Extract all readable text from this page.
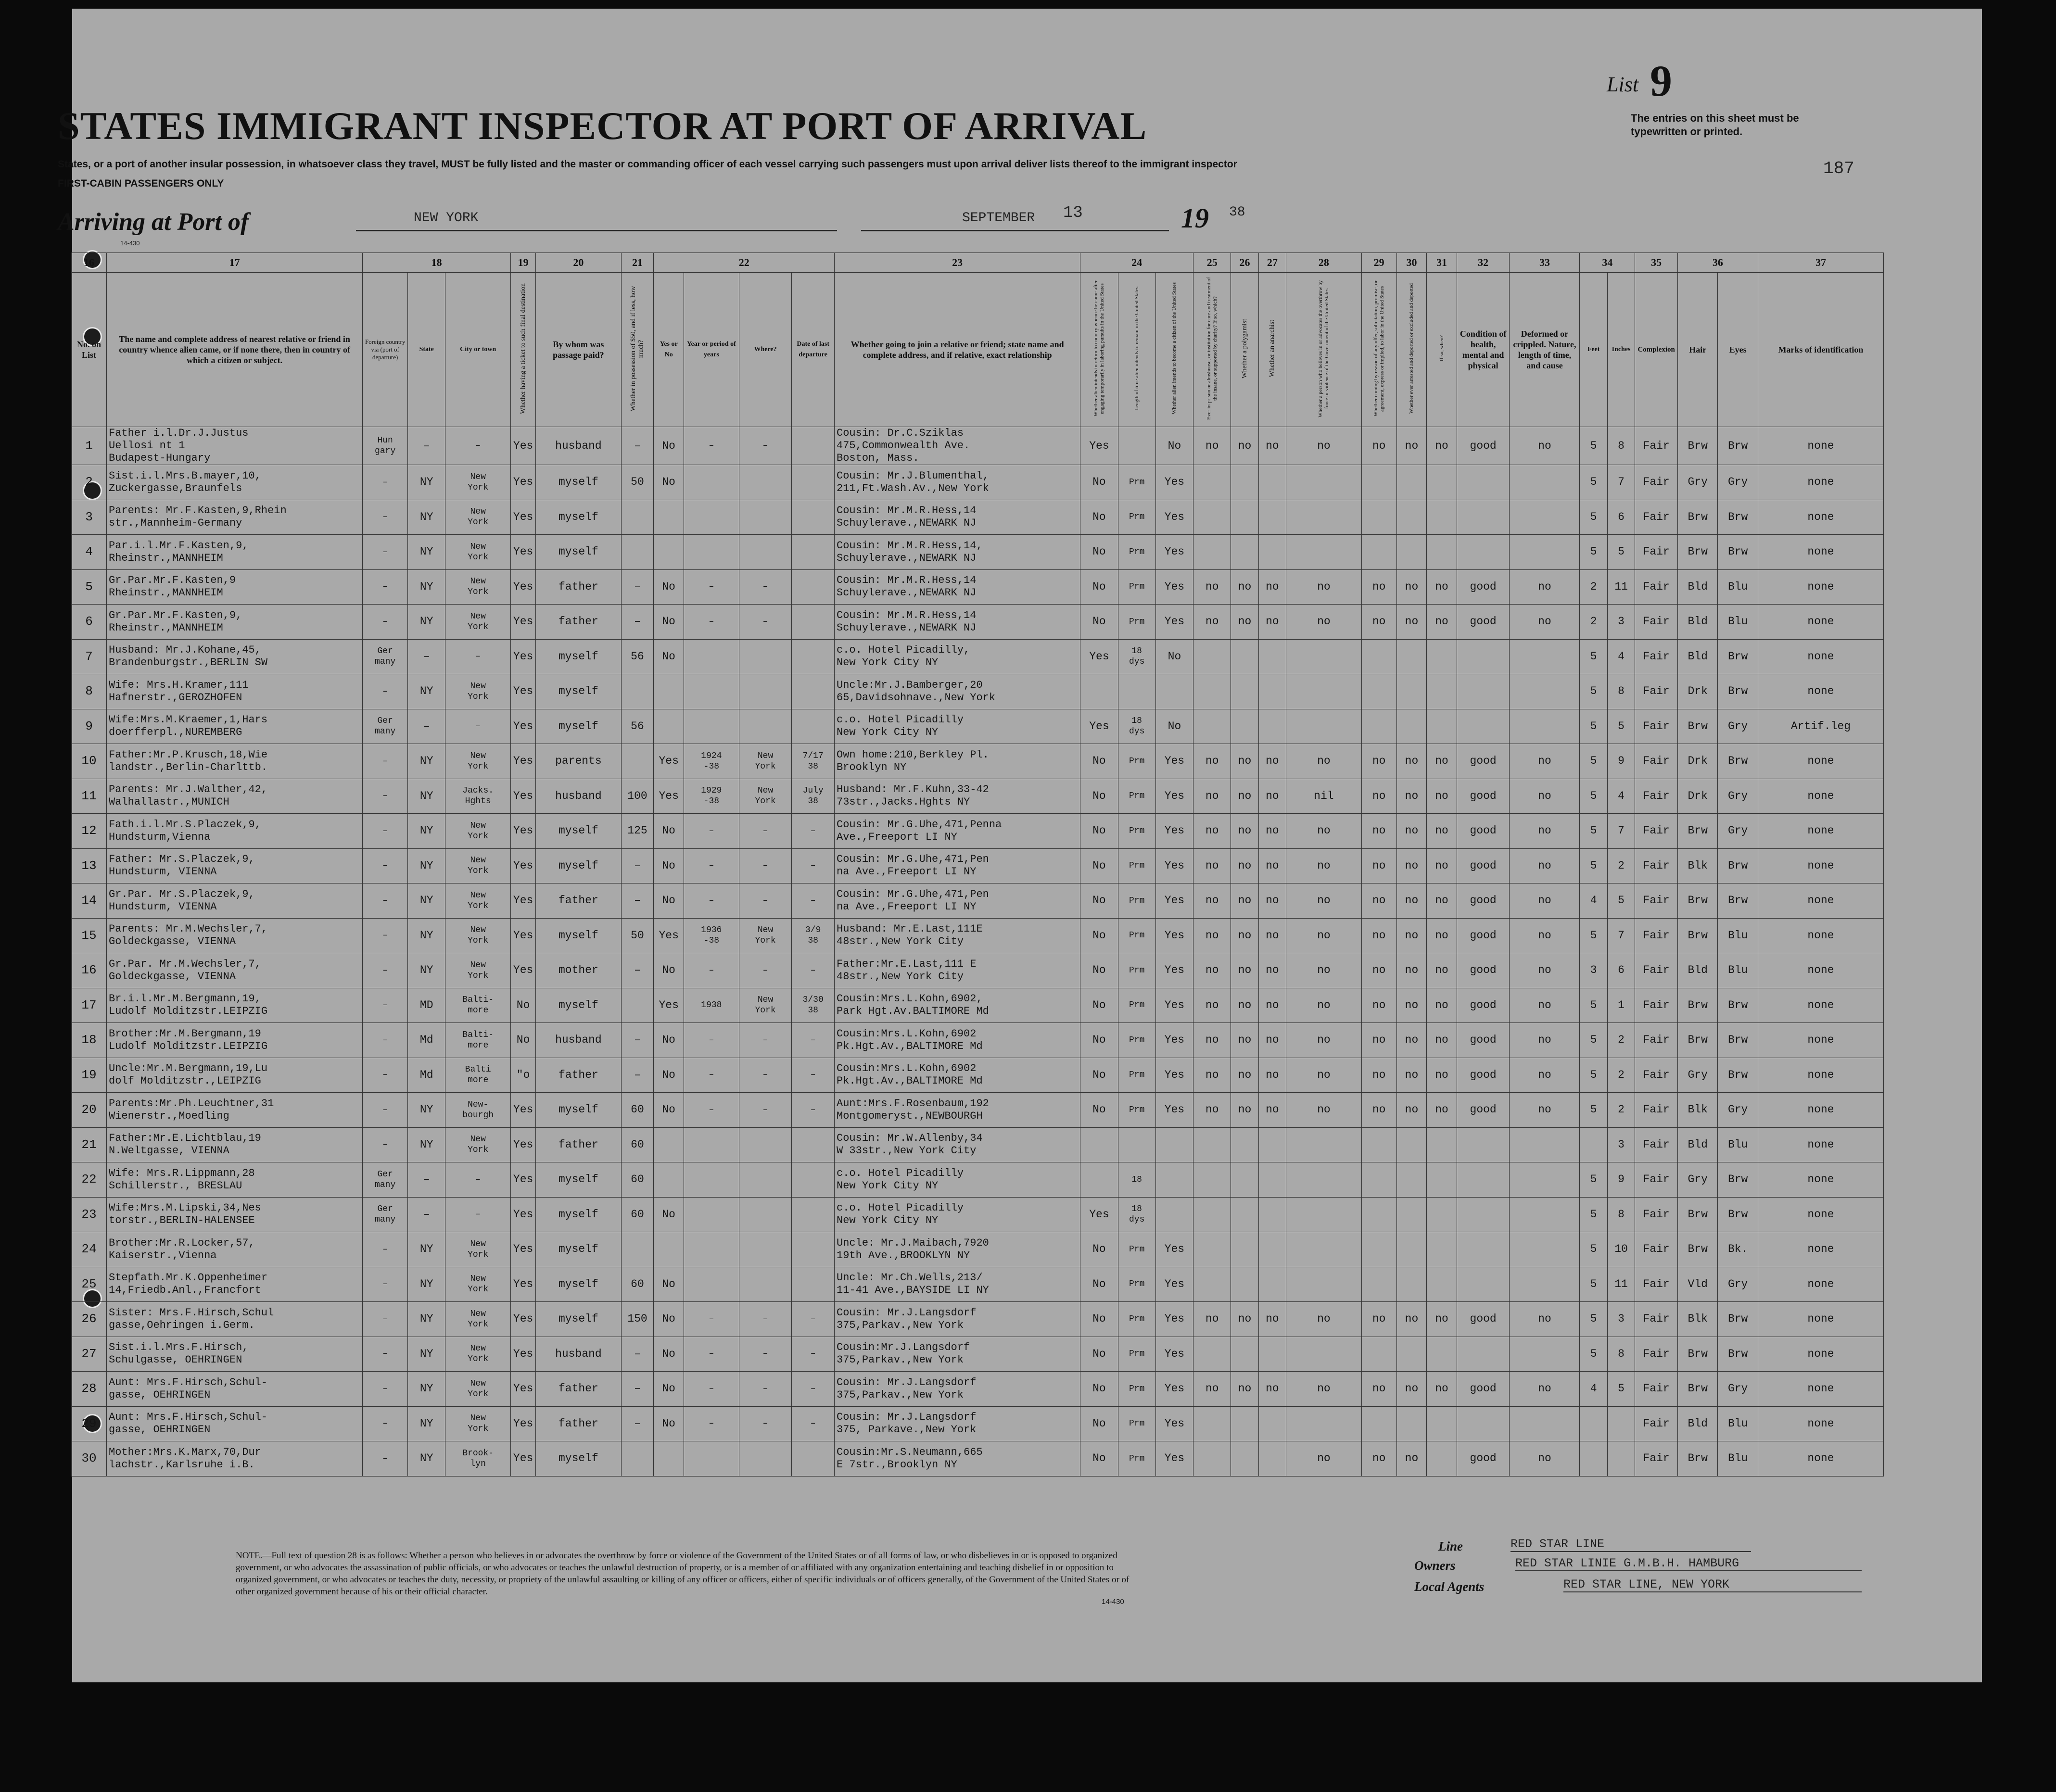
List 9
STATES IMMIGRANT INSPECTOR AT PORT OF ARRIVAL	The entries on this sheet must be typewritten or printed.
187
States, or a port of another insular possession, in whatsoever class they travel, MUST be fully listed and the master or commanding officer of each vessel carrying such passengers must upon arrival deliver lists thereof to the immigrant inspector
FIRST-CABIN PASSENGERS ONLY
Arriving at Port of	NEW YORK	SEPTEMBER 13	19 38
14-430
16	17	18			19	20	21	22				23	24			25	26	27	28	29	30	31	32	33	34		35	36		37
No. on List	The name and complete address of nearest relative or friend in country whence alien came, or if none there, then in country of which a citizen or subject.	Foreign country via (port of departure)	State	City or town	Whether having a ticket to such final destination	By whom was passage paid?	Whether in possession of $50, and if less, how much?	Yes or No	Year or period of years	Where?	Date of last departure	Whether going to join a relative or friend; state name and complete address, and if relative, exact relationship	Whether alien intends to return to country whence he came after engaging temporarily in laboring pursuits in the United States	Length of time alien intends to remain in the United States	Whether alien intends to become a citizen of the United States	Ever in prison or almshouse, or institution for care and treatment of the insane, or supported by charity? If so, which?	Whether a polygamist	Whether an anarchist	Whether a person who believes in or advocates the overthrow by force or violence of the Government of the United States	Whether coming by reason of any offer, solicitation, promise, or agreement, express or implied, to labor in the United States	Whether ever arrested and deported or excluded and deported	If so, when?	Condition of health, mental and physical	Deformed or crippled. Nature, length of time, and cause	Feet	Inches	Complexion	Hair	Eyes	Marks of identification
1	Father i.l.Dr.J.Justus
Uellosi nt 1
Budapest-Hungary	Hun
gary	–	–	Yes	husband	–	No	–	–		Cousin: Dr.C.Sziklas
475,Commonwealth Ave.
Boston, Mass.	Yes		No	no	no	no	no	no	no	no	good	no	5	8	Fair	Brw	Brw	none
2	Sist.i.l.Mrs.B.mayer,10,
Zuckergasse,Braunfels	–	NY	New
York	Yes	myself	50	No				Cousin: Mr.J.Blumenthal,
211,Ft.Wash.Av.,New York	No	Prm	Yes										5	7	Fair	Gry	Gry	none
3	Parents: Mr.F.Kasten,9,Rhein
str.,Mannheim-Germany	–	NY	New
York	Yes	myself						Cousin: Mr.M.R.Hess,14
Schuylerave.,NEWARK NJ	No	Prm	Yes										5	6	Fair	Brw	Brw	none
4	Par.i.l.Mr.F.Kasten,9,
Rheinstr.,MANNHEIM	–	NY	New
York	Yes	myself						Cousin: Mr.M.R.Hess,14,
Schuylerave.,NEWARK NJ	No	Prm	Yes										5	5	Fair	Brw	Brw	none
5	Gr.Par.Mr.F.Kasten,9
Rheinstr.,MANNHEIM	–	NY	New
York	Yes	father	–	No	–	–		Cousin: Mr.M.R.Hess,14
Schuylerave.,NEWARK NJ	No	Prm	Yes	no	no	no	no	no	no	no	good	no	2	11	Fair	Bld	Blu	none
6	Gr.Par.Mr.F.Kasten,9,
Rheinstr.,MANNHEIM	–	NY	New
York	Yes	father	–	No	–	–		Cousin: Mr.M.R.Hess,14
Schuylerave.,NEWARK NJ	No	Prm	Yes	no	no	no	no	no	no	no	good	no	2	3	Fair	Bld	Blu	none
7	Husband: Mr.J.Kohane,45,
Brandenburgstr.,BERLIN SW	Ger
many	–	–	Yes	myself	56	No				c.o. Hotel Picadilly,
New York City NY	Yes	18
dys	No										5	4	Fair	Bld	Brw	none
8	Wife: Mrs.H.Kramer,111
Hafnerstr.,GEROZHOFEN	–	NY	New
York	Yes	myself						Uncle:Mr.J.Bamberger,20
65,Davidsohnave.,New York													5	8	Fair	Drk	Brw	none
9	Wife:Mrs.M.Kraemer,1,Hars
doerfferpl.,NUREMBERG	Ger
many	–	–	Yes	myself	56					c.o. Hotel Picadilly
New York City NY	Yes	18
dys	No										5	5	Fair	Brw	Gry	Artif.leg
10	Father:Mr.P.Krusch,18,Wie
landstr.,Berlin-Charlttb.	–	NY	New
York	Yes	parents		Yes	1924
-38	New
York	7/17
38	Own home:210,Berkley Pl.
Brooklyn NY	No	Prm	Yes	no	no	no	no	no	no	no	good	no	5	9	Fair	Drk	Brw	none
11	Parents: Mr.J.Walther,42,
Walhallastr.,MUNICH	–	NY	Jacks.
Hghts	Yes	husband	100	Yes	1929
-38	New
York	July
38	Husband: Mr.F.Kuhn,33-42
73str.,Jacks.Hghts NY	No	Prm	Yes	no	no	no	nil	no	no	no	good	no	5	4	Fair	Drk	Gry	none
12	Fath.i.l.Mr.S.Placzek,9,
Hundsturm,Vienna	–	NY	New
York	Yes	myself	125	No	–	–	–	Cousin: Mr.G.Uhe,471,Penna
Ave.,Freeport LI NY	No	Prm	Yes	no	no	no	no	no	no	no	good	no	5	7	Fair	Brw	Gry	none
13	Father: Mr.S.Placzek,9,
Hundsturm, VIENNA	–	NY	New
York	Yes	myself	–	No	–	–	–	Cousin: Mr.G.Uhe,471,Pen
na Ave.,Freeport LI NY	No	Prm	Yes	no	no	no	no	no	no	no	good	no	5	2	Fair	Blk	Brw	none
14	Gr.Par. Mr.S.Placzek,9,
Hundsturm, VIENNA	–	NY	New
York	Yes	father	–	No	–	–	–	Cousin: Mr.G.Uhe,471,Pen
na Ave.,Freeport LI NY	No	Prm	Yes	no	no	no	no	no	no	no	good	no	4	5	Fair	Brw	Brw	none
15	Parents: Mr.M.Wechsler,7,
Goldeckgasse, VIENNA	–	NY	New
York	Yes	myself	50	Yes	1936
-38	New
York	3/9
38	Husband: Mr.E.Last,111E
48str.,New York City	No	Prm	Yes	no	no	no	no	no	no	no	good	no	5	7	Fair	Brw	Blu	none
16	Gr.Par. Mr.M.Wechsler,7,
Goldeckgasse, VIENNA	–	NY	New
York	Yes	mother	–	No	–	–	–	Father:Mr.E.Last,111 E
48str.,New York City	No	Prm	Yes	no	no	no	no	no	no	no	good	no	3	6	Fair	Bld	Blu	none
17	Br.i.l.Mr.M.Bergmann,19,
Ludolf Molditzstr.LEIPZIG	–	MD	Balti-
more	No	myself		Yes	1938	New
York	3/30
38	Cousin:Mrs.L.Kohn,6902,
Park Hgt.Av.BALTIMORE Md	No	Prm	Yes	no	no	no	no	no	no	no	good	no	5	1	Fair	Brw	Brw	none
18	Brother:Mr.M.Bergmann,19
Ludolf Molditzstr.LEIPZIG	–	Md	Balti-
more	No	husband	–	No	–	–	–	Cousin:Mrs.L.Kohn,6902
Pk.Hgt.Av.,BALTIMORE Md	No	Prm	Yes	no	no	no	no	no	no	no	good	no	5	2	Fair	Brw	Brw	none
19	Uncle:Mr.M.Bergmann,19,Lu
dolf Molditzstr.,LEIPZIG	–	Md	Balti
more	"o	father	–	No	–	–	–	Cousin:Mrs.L.Kohn,6902
Pk.Hgt.Av.,BALTIMORE Md	No	Prm	Yes	no	no	no	no	no	no	no	good	no	5	2	Fair	Gry	Brw	none
20	Parents:Mr.Ph.Leuchtner,31
Wienerstr.,Moedling	–	NY	New-
bourgh	Yes	myself	60	No	–	–	–	Aunt:Mrs.F.Rosenbaum,192
Montgomeryst.,NEWBOURGH	No	Prm	Yes	no	no	no	no	no	no	no	good	no	5	2	Fair	Blk	Gry	none
21	Father:Mr.E.Lichtblau,19
N.Weltgasse, VIENNA	–	NY	New
York	Yes	father	60					Cousin: Mr.W.Allenby,34
W 33str.,New York City														3	Fair	Bld	Blu	none
22	Wife: Mrs.R.Lippmann,28
Schillerstr., BRESLAU	Ger
many	–	–	Yes	myself	60					c.o. Hotel Picadilly
New York City NY		18											5	9	Fair	Gry	Brw	none
23	Wife:Mrs.M.Lipski,34,Nes
torstr.,BERLIN-HALENSEE	Ger
many	–	–	Yes	myself	60	No				c.o. Hotel Picadilly
New York City NY	Yes	18
dys											5	8	Fair	Brw	Brw	none
24	Brother:Mr.R.Locker,57,
Kaiserstr.,Vienna	–	NY	New
York	Yes	myself						Uncle: Mr.J.Maibach,7920
19th Ave.,BROOKLYN NY	No	Prm	Yes										5	10	Fair	Brw	Bk.	none
25	Stepfath.Mr.K.Oppenheimer
14,Friedb.Anl.,Francfort	–	NY	New
York	Yes	myself	60	No				Uncle: Mr.Ch.Wells,213/
11-41 Ave.,BAYSIDE LI NY	No	Prm	Yes										5	11	Fair	Vld	Gry	none
26	Sister: Mrs.F.Hirsch,Schul
gasse,Oehringen i.Germ.	–	NY	New
York	Yes	myself	150	No	–	–	–	Cousin: Mr.J.Langsdorf
375,Parkav.,New York	No	Prm	Yes	no	no	no	no	no	no	no	good	no	5	3	Fair	Blk	Brw	none
27	Sist.i.l.Mrs.F.Hirsch,
Schulgasse, OEHRINGEN	–	NY	New
York	Yes	husband	–	No	–	–	–	Cousin:Mr.J.Langsdorf
375,Parkav.,New York	No	Prm	Yes										5	8	Fair	Brw	Brw	none
28	Aunt: Mrs.F.Hirsch,Schul-
gasse, OEHRINGEN	–	NY	New
York	Yes	father	–	No	–	–	–	Cousin: Mr.J.Langsdorf
375,Parkav.,New York	No	Prm	Yes	no	no	no	no	no	no	no	good	no	4	5	Fair	Brw	Gry	none
29	Aunt: Mrs.F.Hirsch,Schul-
gasse, OEHRINGEN	–	NY	New
York	Yes	father	–	No	–	–	–	Cousin: Mr.J.Langsdorf
375, Parkave.,New York	No	Prm	Yes												Fair	Bld	Blu	none
30	Mother:Mrs.K.Marx,70,Dur
lachstr.,Karlsruhe i.B.	–	NY	Brook-
lyn	Yes	myself						Cousin:Mr.S.Neumann,665
E 7str.,Brooklyn NY	No	Prm	Yes				no	no	no		good	no			Fair	Brw	Blu	none
NOTE.—Full text of question 28 is as follows: Whether a person who believes in or advocates the overthrow by force or violence of the Government of the United States or of all forms of law, or who disbelieves in or is opposed to organized government, or who advocates the assassination of public officials, or who advocates or teaches the unlawful destruction of property, or is a member of or affiliated with any organization entertaining and teaching disbelief in or opposition to organized government, or who advocates or teaches the duty, necessity, or propriety of the unlawful assaulting or killing of any officer or officers, either of specific individuals or of officers generally, of the Government of the United States or of other organized government because of his or their official character.
14-430
Line	RED STAR LINE
Owners	RED STAR LINIE G.M.B.H. HAMBURG
Local Agents	RED STAR LINE, NEW YORK
